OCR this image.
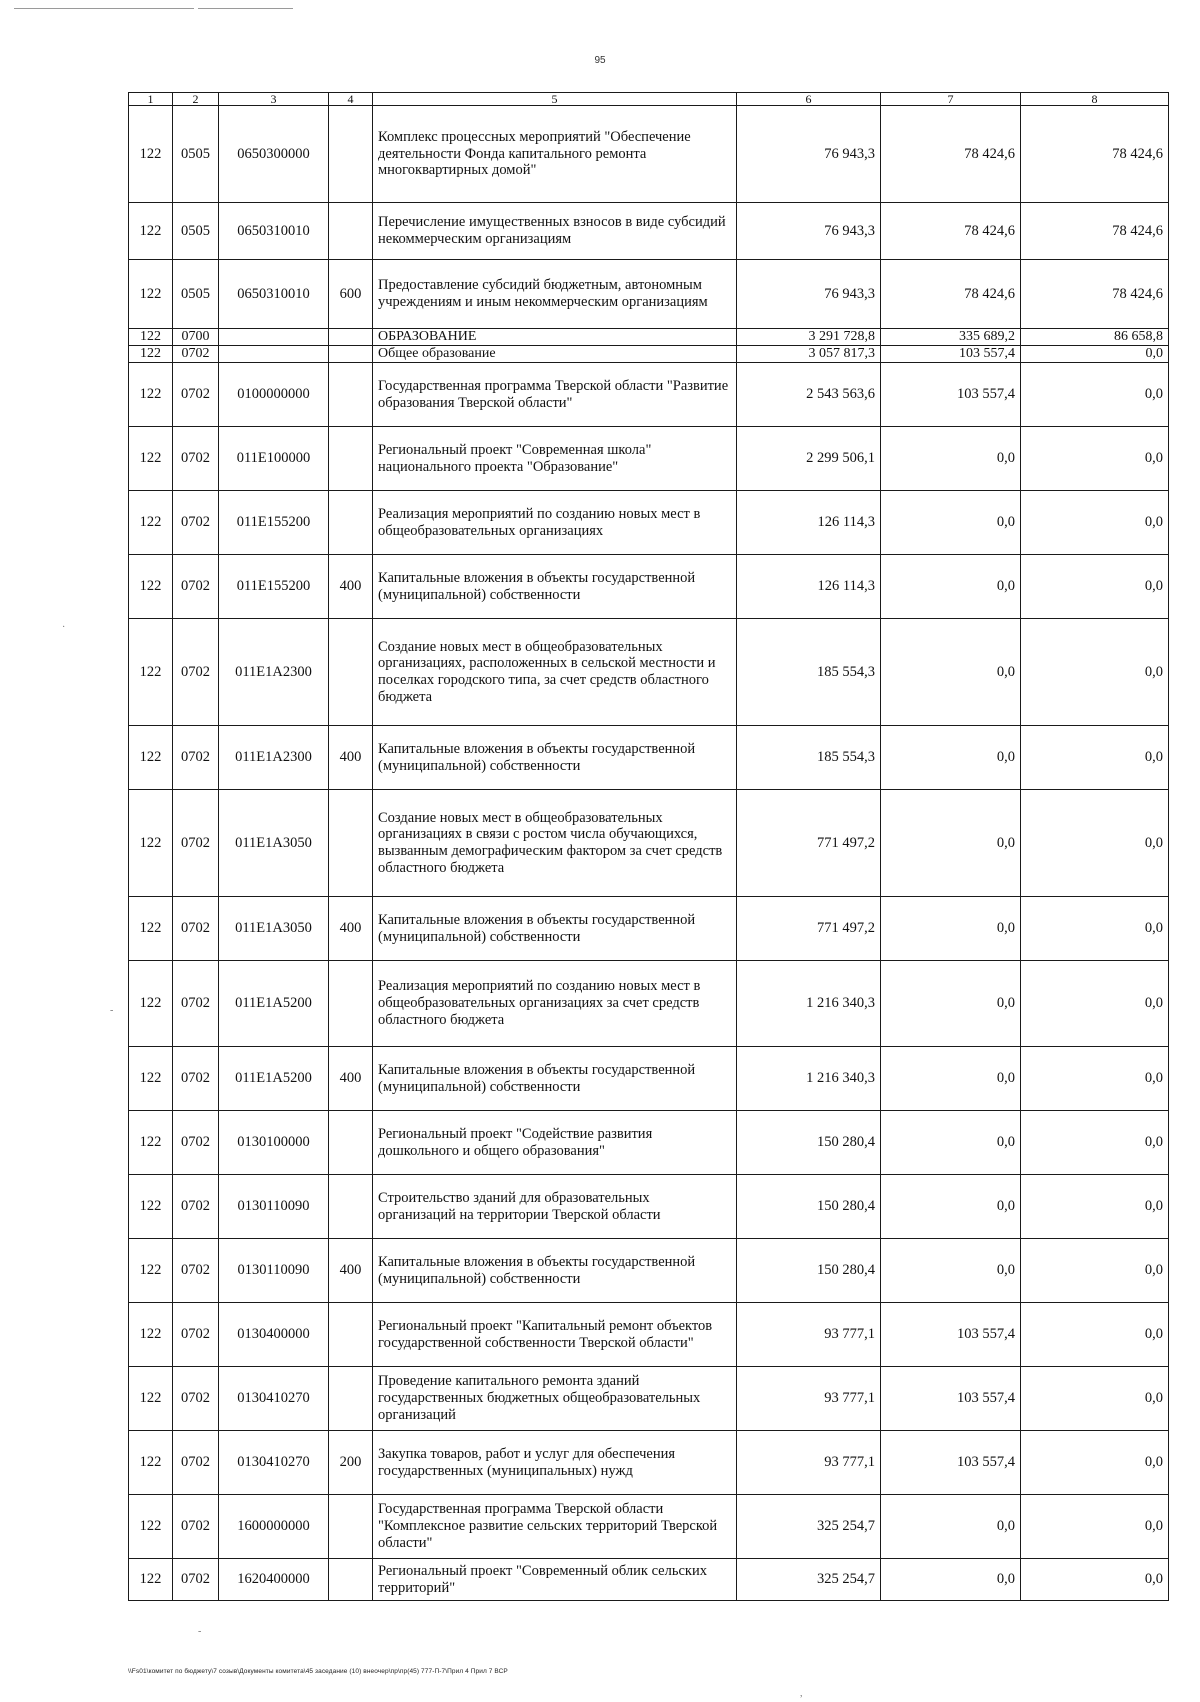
95
1	2	3	4	5	6	7	8
122	0505	0650300000		Комплекс процессных мероприятий "Обеспечение деятельности Фонда капитального ремонта многоквартирных домой"	76 943,3	78 424,6	78 424,6
122	0505	0650310010		Перечисление имущественных взносов в виде субсидий некоммерческим организациям	76 943,3	78 424,6	78 424,6
122	0505	0650310010	600	Предоставление субсидий бюджетным, автономным учреждениям и иным некоммерческим организациям	76 943,3	78 424,6	78 424,6
122	0700			ОБРАЗОВАНИЕ	3 291 728,8	335 689,2	86 658,8
122	0702			Общее образование	3 057 817,3	103 557,4	0,0
122	0702	0100000000		Государственная программа Тверской области "Развитие образования Тверской области"	2 543 563,6	103 557,4	0,0
122	0702	011E100000		Региональный проект "Современная школа" национального проекта "Образование"	2 299 506,1	0,0	0,0
122	0702	011E155200		Реализация мероприятий по созданию новых мест в общеобразовательных организациях	126 114,3	0,0	0,0
122	0702	011E155200	400	Капитальные вложения в объекты государственной (муниципальной) собственности	126 114,3	0,0	0,0
122	0702	011E1A2300		Создание новых мест в общеобразовательных организациях, расположенных в сельской местности и поселках городского типа, за счет средств областного бюджета	185 554,3	0,0	0,0
122	0702	011E1A2300	400	Капитальные вложения в объекты государственной (муниципальной) собственности	185 554,3	0,0	0,0
122	0702	011E1A3050		Создание новых мест в общеобразовательных организациях в связи с ростом числа обучающихся, вызванным демографическим фактором за счет средств областного бюджета	771 497,2	0,0	0,0
122	0702	011E1A3050	400	Капитальные вложения в объекты государственной (муниципальной) собственности	771 497,2	0,0	0,0
122	0702	011E1A5200		Реализация мероприятий по созданию новых мест в общеобразовательных организациях за счет средств областного бюджета	1 216 340,3	0,0	0,0
122	0702	011E1A5200	400	Капитальные вложения в объекты государственной (муниципальной) собственности	1 216 340,3	0,0	0,0
122	0702	0130100000		Региональный проект "Содействие развития дошкольного и общего образования"	150 280,4	0,0	0,0
122	0702	0130110090		Строительство зданий для образовательных организаций на территории Тверской области	150 280,4	0,0	0,0
122	0702	0130110090	400	Капитальные вложения в объекты государственной (муниципальной) собственности	150 280,4	0,0	0,0
122	0702	0130400000		Региональный проект "Капитальный ремонт объектов государственной собственности Тверской области"	93 777,1	103 557,4	0,0
122	0702	0130410270		Проведение капитального ремонта зданий государственных бюджетных общеобразовательных организаций	93 777,1	103 557,4	0,0
122	0702	0130410270	200	Закупка товаров, работ и услуг для обеспечения государственных (муниципальных) нужд	93 777,1	103 557,4	0,0
122	0702	1600000000		Государственная программа Тверской области "Комплексное развитие сельских территорий Тверской области"	325 254,7	0,0	0,0
122	0702	1620400000		Региональный проект "Современный облик сельских территорий"	325 254,7	0,0	0,0
-
,
·
-
\\Fs01\комитет по бюджету\7 созыв\Документы комитета\45 заседание (10) внеочер\пр\пр(45) 777-П-7\Прил 4 Прил 7 ВСР
